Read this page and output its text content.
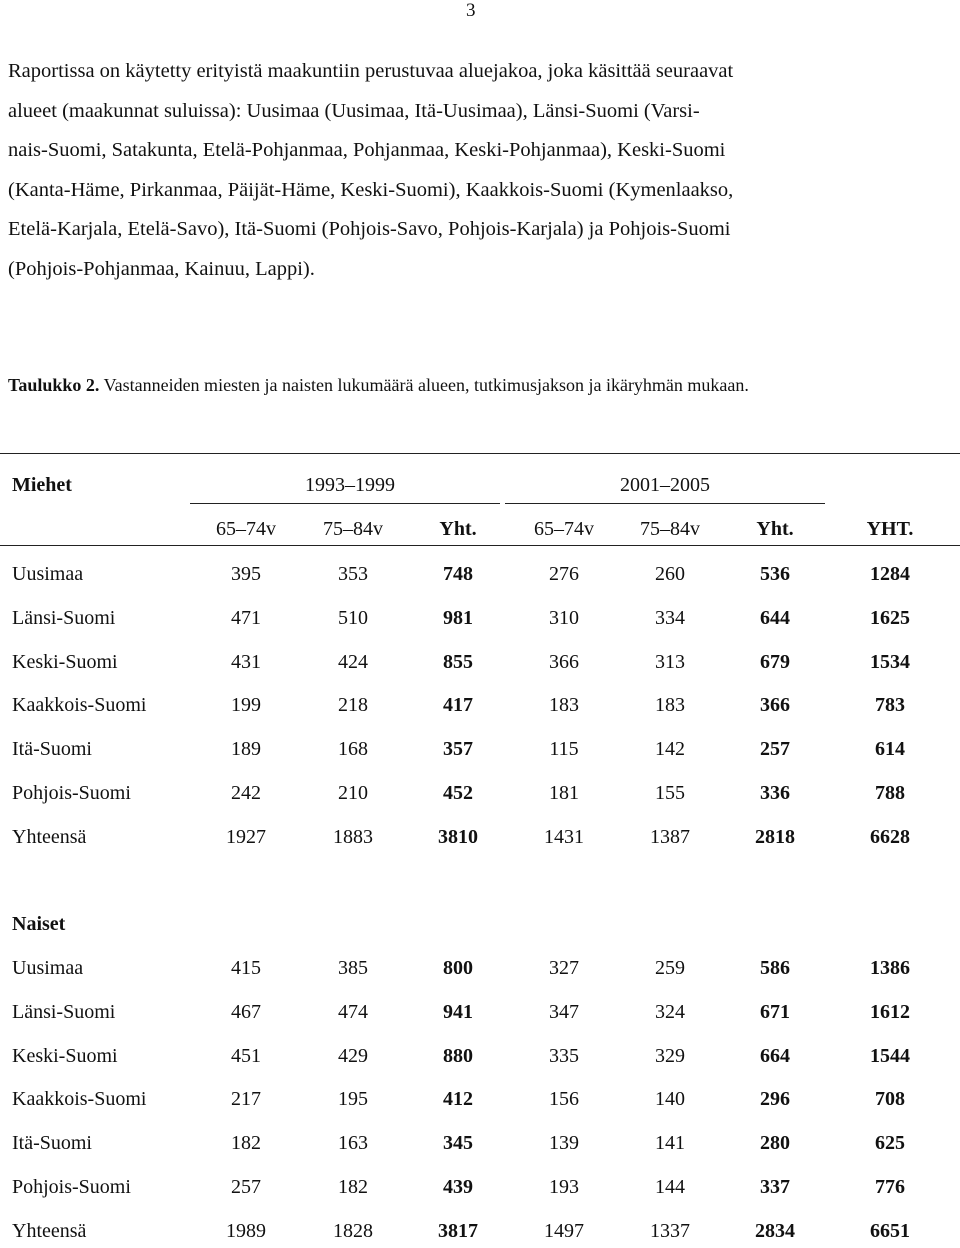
3
Raportissa on käytetty erityistä maakuntiin perustuvaa aluejakoa, joka käsittää seuraavat
alueet (maakunnat suluissa): Uusimaa (Uusimaa, Itä-Uusimaa), Länsi-Suomi (Varsi-
nais-Suomi, Satakunta, Etelä-Pohjanmaa, Pohjanmaa, Keski-Pohjanmaa), Keski-Suomi
(Kanta-Häme, Pirkanmaa, Päijät-Häme, Keski-Suomi), Kaakkois-Suomi (Kymenlaakso,
Etelä-Karjala, Etelä-Savo), Itä-Suomi (Pohjois-Savo, Pohjois-Karjala) ja Pohjois-Suomi
(Pohjois-Pohjanmaa, Kainuu, Lappi).
Taulukko 2. Vastanneiden miesten ja naisten lukumäärä alueen, tutkimusjakson ja ikäryhmän mukaan.
Miehet	1993–1999	2001–2005
65–74v	75–84v	Yht.	65–74v	75–84v	Yht.	YHT.
Uusimaa	395	353	748	276	260	536	1284
Länsi-Suomi	471	510	981	310	334	644	1625
Keski-Suomi	431	424	855	366	313	679	1534
Kaakkois-Suomi	199	218	417	183	183	366	783
Itä-Suomi	189	168	357	115	142	257	614
Pohjois-Suomi	242	210	452	181	155	336	788
Yhteensä	1927	1883	3810	1431	1387	2818	6628
Naiset
Uusimaa	415	385	800	327	259	586	1386
Länsi-Suomi	467	474	941	347	324	671	1612
Keski-Suomi	451	429	880	335	329	664	1544
Kaakkois-Suomi	217	195	412	156	140	296	708
Itä-Suomi	182	163	345	139	141	280	625
Pohjois-Suomi	257	182	439	193	144	337	776
Yhteensä	1989	1828	3817	1497	1337	2834	6651
